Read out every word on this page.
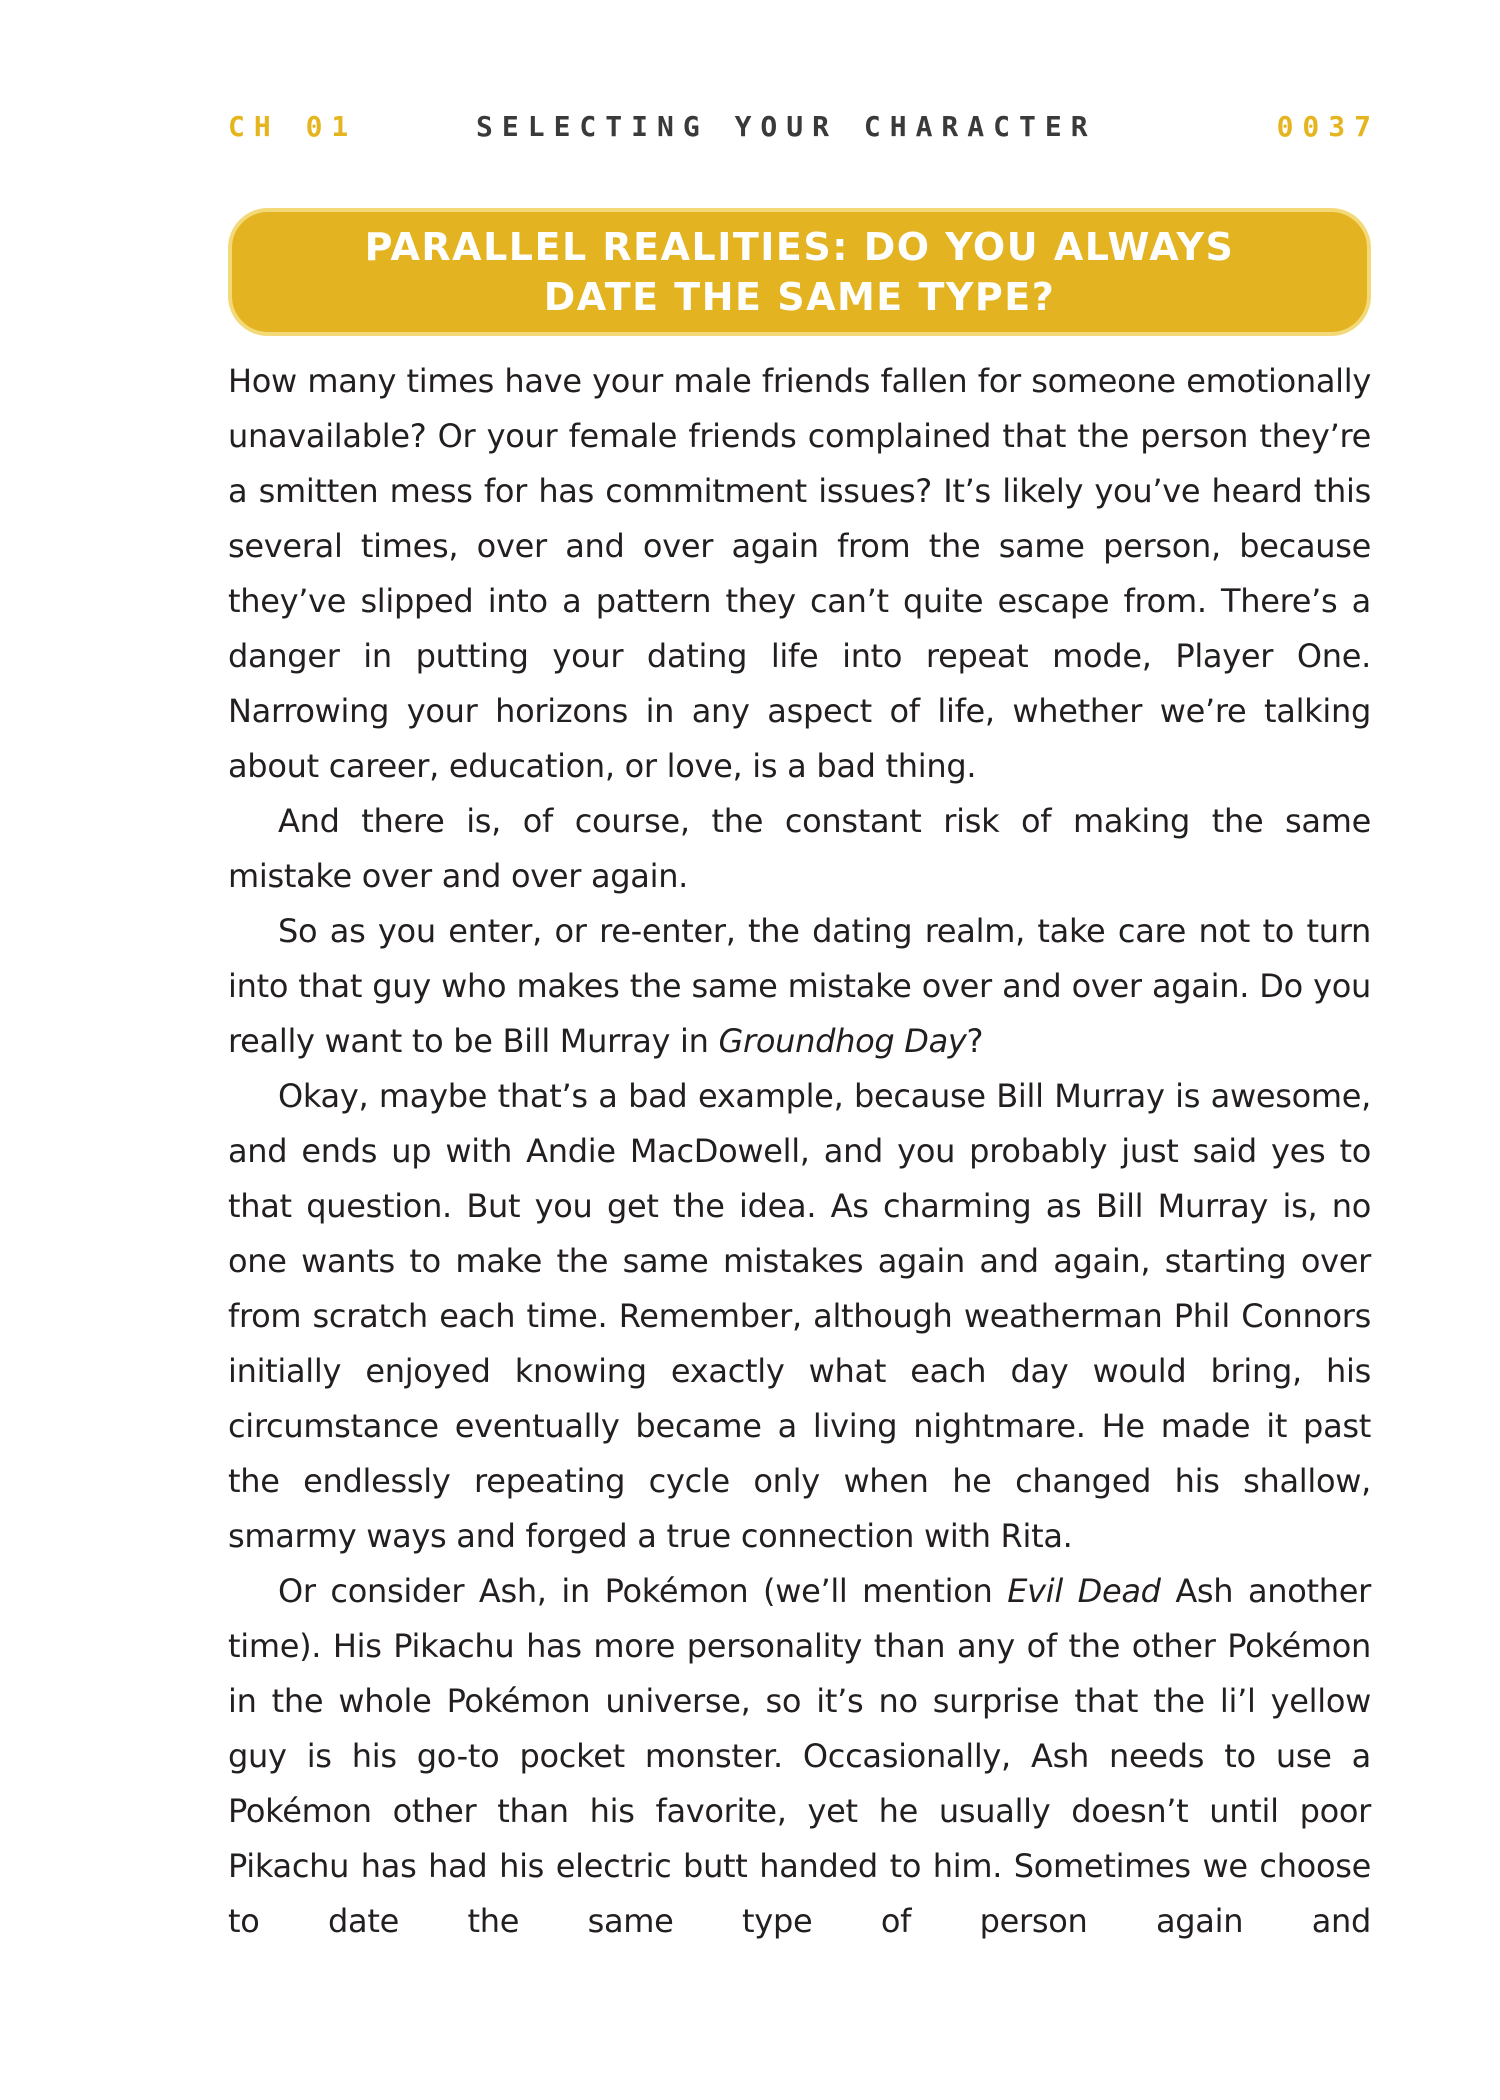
CH 01	SELECTING YOUR CHARACTER	0037
PARALLEL REALITIES: DO YOU ALWAYS
DATE THE SAME TYPE?

How many times have your male friends fallen for someone emotionally unavailable? Or your female friends complained that the person they’re a smitten mess for has commitment issues? It’s likely you’ve heard this several times, over and over again from the same person, because they’ve slipped into a pattern they can’t quite escape from. There’s a danger in putting your dating life into repeat mode, Player One. Narrowing your horizons in any aspect of life, whether we’re talking about career, education, or love, is a bad thing.

And there is, of course, the constant risk of making the same mistake over and over again.

So as you enter, or re-enter, the dating realm, take care not to turn into that guy who makes the same mistake over and over again. Do you really want to be Bill Murray in Groundhog Day?

Okay, maybe that’s a bad example, because Bill Murray is awesome, and ends up with Andie MacDowell, and you probably just said yes to that question. But you get the idea. As charming as Bill Murray is, no one wants to make the same mistakes again and again, starting over from scratch each time. Remember, although weatherman Phil Connors initially enjoyed knowing exactly what each day would bring, his circumstance eventually became a living nightmare. He made it past the endlessly repeating cycle only when he changed his shallow, smarmy ways and forged a true connection with Rita.

Or consider Ash, in Pokémon (we’ll mention Evil Dead Ash another time). His Pikachu has more personality than any of the other Pokémon in the whole Pokémon universe, so it’s no surprise that the li’l yellow guy is his go-to pocket monster. Occasionally, Ash needs to use a Pokémon other than his favorite, yet he usually doesn’t until poor Pikachu has had his electric butt handed to him. Sometimes we choose to date the same type of person again and
